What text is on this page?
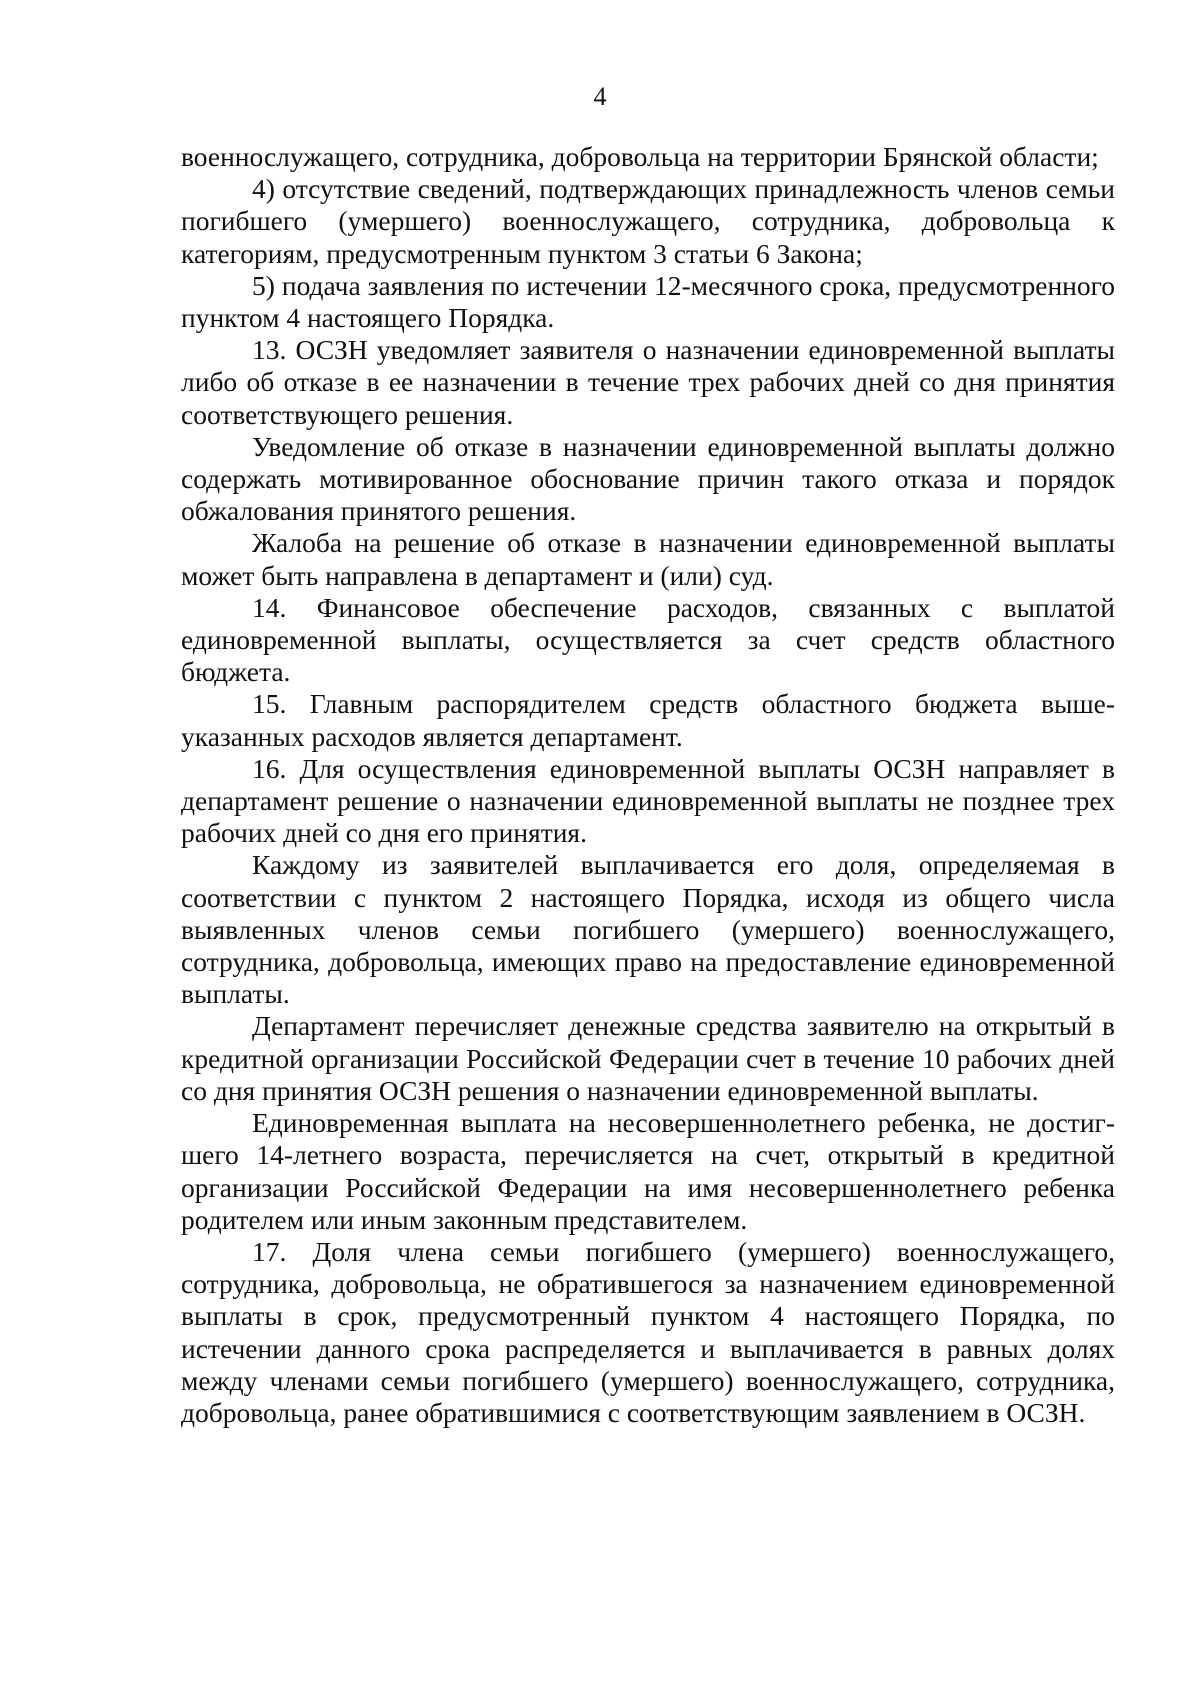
4

военнослужащего, сотрудника, добровольца на территории Брянской области;

4) отсутствие сведений, подтверждающих принадлежность членов семьи погибшего (умершего) военнослужащего, сотрудника, добровольца к категориям, предусмотренным пунктом 3 статьи 6 Закона;

5) подача заявления по истечении 12-месячного срока, предусмотренного пунктом 4 настоящего Порядка.

13. ОСЗН уведомляет заявителя о назначении единовременной выплаты либо об отказе в ее назначении в течение трех рабочих дней со дня принятия соответствующего решения.

Уведомление об отказе в назначении единовременной выплаты должно содержать мотивированное обоснование причин такого отказа и порядок обжалования принятого решения.

Жалоба на решение об отказе в назначении единовременной выплаты может быть направлена в департамент и (или) суд.

14. Финансовое обеспечение расходов, связанных с выплатой единовременной выплаты, осуществляется за счет средств областного бюджета.

15. Главным распорядителем средств областного бюджета вышеуказанных расходов является департамент.

16. Для осуществления единовременной выплаты ОСЗН направляет в департамент решение о назначении единовременной выплаты не позднее трех рабочих дней со дня его принятия.

Каждому из заявителей выплачивается его доля, определяемая в соответствии с пунктом 2 настоящего Порядка, исходя из общего числа выявленных членов семьи погибшего (умершего) военнослужащего, сотрудника, добровольца, имеющих право на предоставление единовременной выплаты.

Департамент перечисляет денежные средства заявителю на открытый в кредитной организации Российской Федерации счет в течение 10 рабочих дней со дня принятия ОСЗН решения о назначении единовременной выплаты.

Единовременная выплата на несовершеннолетнего ребенка, не достигшего 14-летнего возраста, перечисляется на счет, открытый в кредитной организации Российской Федерации на имя несовершеннолетнего ребенка родителем или иным законным представителем.

17. Доля члена семьи погибшего (умершего) военнослужащего, сотрудника, добровольца, не обратившегося за назначением единовременной выплаты в срок, предусмотренный пунктом 4 настоящего Порядка, по истечении данного срока распределяется и выплачивается в равных долях между членами семьи погибшего (умершего) военнослужащего, сотрудника, добровольца, ранее обратившимися с соответствующим заявлением в ОСЗН.
